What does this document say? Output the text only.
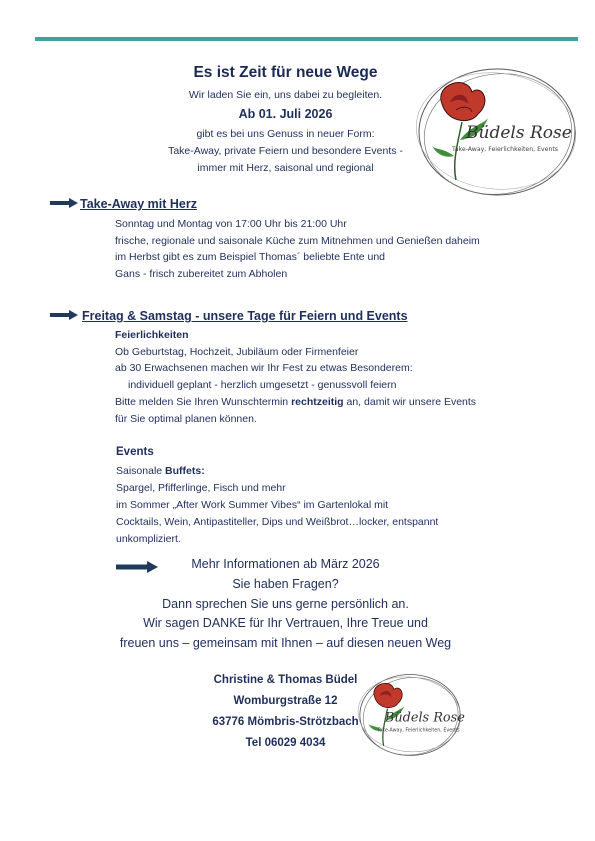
Es ist Zeit für neue Wege
Wir laden Sie ein, uns dabei zu begleiten.
Ab 01. Juli 2026
gibt es bei uns Genuss in neuer Form:
Take-Away, private Feiern und besondere Events -
immer mit Herz, saisonal und regional
Büdels Rose
Take-Away, Feierlichkeiten, Events
Take-Away mit Herz
Sonntag und Montag von 17:00 Uhr bis 21:00 Uhr
frische, regionale und saisonale Küche zum Mitnehmen und Genießen daheim
im Herbst gibt es zum Beispiel Thomas´ beliebte Ente und
Gans - frisch zubereitet zum Abholen
Freitag & Samstag - unsere Tage für Feiern und Events
Feierlichkeiten
Ob Geburtstag, Hochzeit, Jubiläum oder Firmenfeier
ab 30 Erwachsenen machen wir Ihr Fest zu etwas Besonderem:
individuell geplant - herzlich umgesetzt - genussvoll feiern
Bitte melden Sie Ihren Wunschtermin rechtzeitig an, damit wir unsere Events
für Sie optimal planen können.
Events
Saisonale Buffets:
Spargel, Pfifferlinge, Fisch und mehr
im Sommer „After Work Summer Vibes“ im Gartenlokal mit
Cocktails, Wein, Antipastiteller, Dips und Weißbrot…locker, entspannt
unkompliziert.
Mehr Informationen ab März 2026
Sie haben Fragen?
Dann sprechen Sie uns gerne persönlich an.
Wir sagen DANKE für Ihr Vertrauen, Ihre Treue und
freuen uns – gemeinsam mit Ihnen – auf diesen neuen Weg
Christine & Thomas Büdel
Womburgstraße 12
63776 Mömbris-Strötzbach
Tel 06029 4034
Büdels Rose
Take-Away, Feierlichkeiten, Events
